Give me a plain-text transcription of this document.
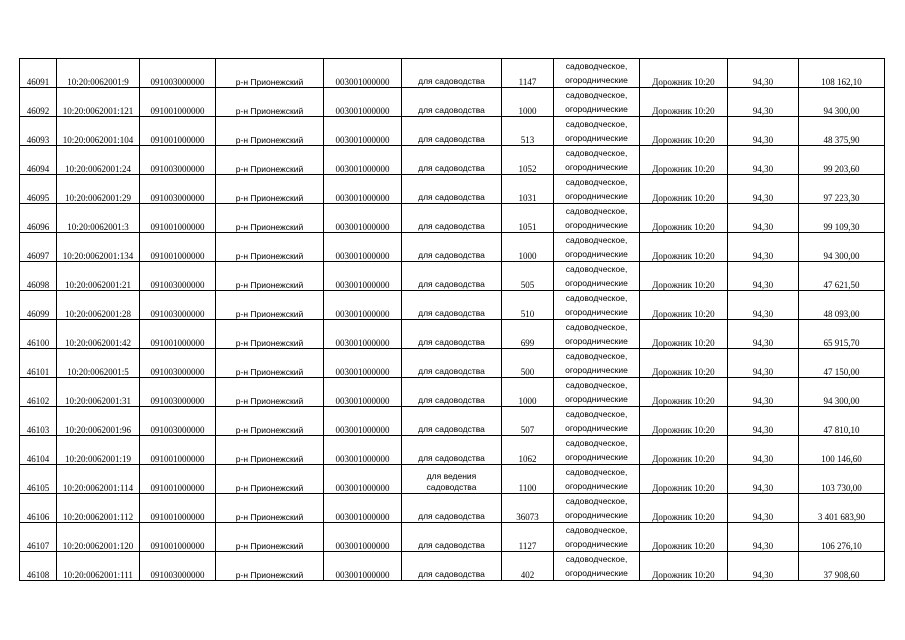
46091	10:20:0062001:9	091003000000	р-н Прионежский	003001000000	для садоводства	1147	садоводческое, огороднические	Дорожник 10:20	94,30	108 162,10
46092	10:20:0062001:121	091001000000	р-н Прионежский	003001000000	для садоводства	1000	садоводческое, огороднические	Дорожник 10:20	94,30	94 300,00
46093	10:20:0062001:104	091001000000	р-н Прионежский	003001000000	для садоводства	513	садоводческое, огороднические	Дорожник 10:20	94,30	48 375,90
46094	10:20:0062001:24	091003000000	р-н Прионежский	003001000000	для садоводства	1052	садоводческое, огороднические	Дорожник 10:20	94,30	99 203,60
46095	10:20:0062001:29	091003000000	р-н Прионежский	003001000000	для садоводства	1031	садоводческое, огороднические	Дорожник 10:20	94,30	97 223,30
46096	10:20:0062001:3	091001000000	р-н Прионежский	003001000000	для садоводства	1051	садоводческое, огороднические	Дорожник 10:20	94,30	99 109,30
46097	10:20:0062001:134	091001000000	р-н Прионежский	003001000000	для садоводства	1000	садоводческое, огороднические	Дорожник 10:20	94,30	94 300,00
46098	10:20:0062001:21	091003000000	р-н Прионежский	003001000000	для садоводства	505	садоводческое, огороднические	Дорожник 10:20	94,30	47 621,50
46099	10:20:0062001:28	091003000000	р-н Прионежский	003001000000	для садоводства	510	садоводческое, огороднические	Дорожник 10:20	94,30	48 093,00
46100	10:20:0062001:42	091001000000	р-н Прионежский	003001000000	для садоводства	699	садоводческое, огороднические	Дорожник 10:20	94,30	65 915,70
46101	10:20:0062001:5	091003000000	р-н Прионежский	003001000000	для садоводства	500	садоводческое, огороднические	Дорожник 10:20	94,30	47 150,00
46102	10:20:0062001:31	091003000000	р-н Прионежский	003001000000	для садоводства	1000	садоводческое, огороднические	Дорожник 10:20	94,30	94 300,00
46103	10:20:0062001:96	091003000000	р-н Прионежский	003001000000	для садоводства	507	садоводческое, огороднические	Дорожник 10:20	94,30	47 810,10
46104	10:20:0062001:19	091001000000	р-н Прионежский	003001000000	для садоводства	1062	садоводческое, огороднические	Дорожник 10:20	94,30	100 146,60
46105	10:20:0062001:114	091001000000	р-н Прионежский	003001000000	для ведения садоводства	1100	садоводческое, огороднические	Дорожник 10:20	94,30	103 730,00
46106	10:20:0062001:112	091001000000	р-н Прионежский	003001000000	для садоводства	36073	садоводческое, огороднические	Дорожник 10:20	94,30	3 401 683,90
46107	10:20:0062001:120	091001000000	р-н Прионежский	003001000000	для садоводства	1127	садоводческое, огороднические	Дорожник 10:20	94,30	106 276,10
46108	10:20:0062001:111	091003000000	р-н Прионежский	003001000000	для садоводства	402	садоводческое, огороднические	Дорожник 10:20	94,30	37 908,60
